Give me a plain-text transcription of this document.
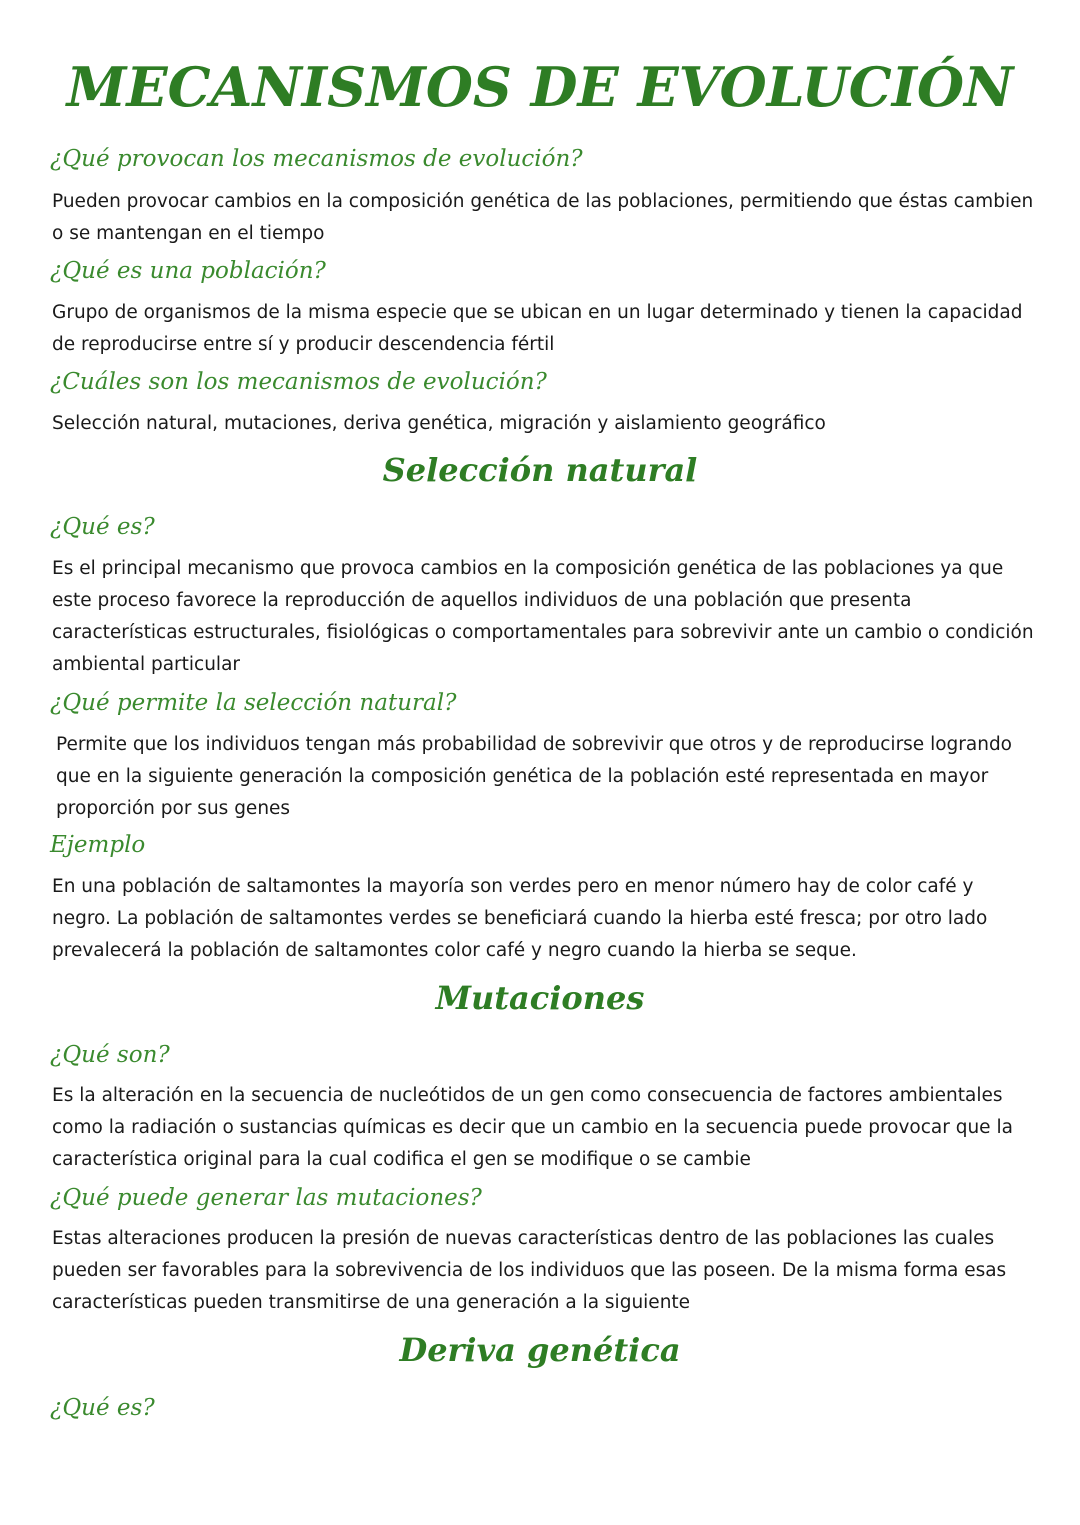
MECANISMOS DE EVOLUCIÓN
¿Qué provocan los mecanismos de evolución?
Pueden provocar cambios en la composición genética de las poblaciones, permitiendo que éstas cambien o se mantengan en el tiempo
¿Qué es una población?
Grupo de organismos de la misma especie que se ubican en un lugar determinado y tienen la capacidad de reproducirse entre sí y producir descendencia fértil
¿Cuáles son los mecanismos de evolución?
Selección natural, mutaciones, deriva genética, migración y aislamiento geográfico
Selección natural
¿Qué es?
Es el principal mecanismo que provoca cambios en la composición genética de las poblaciones ya que este proceso favorece la reproducción de aquellos individuos de una población que presenta características estructurales, fisiológicas o comportamentales para sobrevivir ante un cambio o condición ambiental particular
¿Qué permite la selección natural?
Permite que los individuos tengan más probabilidad de sobrevivir que otros y de reproducirse logrando que en la siguiente generación la composición genética de la población esté representada en mayor proporción por sus genes
Ejemplo
En una población de saltamontes la mayoría son verdes pero en menor número hay de color café y negro. La población de saltamontes verdes se beneficiará cuando la hierba esté fresca; por otro lado prevalecerá la población de saltamontes color café y negro cuando la hierba se seque.
Mutaciones
¿Qué son?
Es la alteración en la secuencia de nucleótidos de un gen como consecuencia de factores ambientales como la radiación o sustancias químicas es decir que un cambio en la secuencia puede provocar que la característica original para la cual codifica el gen se modifique o se cambie
¿Qué puede generar las mutaciones?
Estas alteraciones producen la presión de nuevas características dentro de las poblaciones las cuales pueden ser favorables para la sobrevivencia de los individuos que las poseen. De la misma forma esas características pueden transmitirse de una generación a la siguiente
Deriva genética
¿Qué es?
